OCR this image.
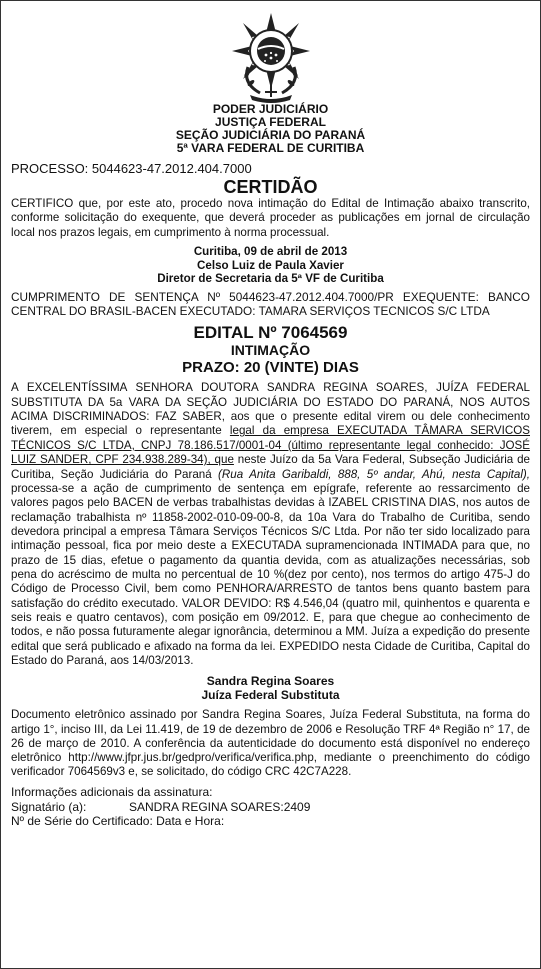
PODER JUDICIÁRIO
JUSTIÇA FEDERAL
SEÇÃO JUDICIÁRIA DO PARANÁ
5ª VARA FEDERAL DE CURITIBA
PROCESSO: 5044623-47.2012.404.7000
CERTIDÃO

CERTIFICO que, por este ato, procedo nova intimação do Edital de Intimação abaixo transcrito, conforme solicitação do exequente, que deverá proceder as publicações em jornal de circulação local nos prazos legais, em cumprimento à norma processual.

Curitiba, 09 de abril de 2013
Celso Luiz de Paula Xavier
Diretor de Secretaria da 5ª VF de Curitiba
CUMPRIMENTO DE SENTENÇA Nº 5044623-47.2012.404.7000/PR EXEQUENTE: BANCO CENTRAL DO BRASIL-BACEN EXECUTADO: TAMARA SERVIÇOS TECNICOS S/C LTDA
EDITAL Nº 7064569
INTIMAÇÃO
PRAZO: 20 (VINTE) DIAS
A EXCELENTÍSSIMA SENHORA DOUTORA SANDRA REGINA SOARES, JUÍZA FEDERAL SUBSTITUTA DA 5a VARA DA SEÇÃO JUDICIÁRIA DO ESTADO DO PARANÁ, NOS AUTOS ACIMA DISCRIMINADOS: FAZ SABER, aos que o presente edital virem ou dele conhecimento tiverem, em especial o representante legal da empresa EXECUTADA TÂMARA SERVICOS TÉCNICOS S/C LTDA, CNPJ 78.186.517/0001-04 (último representante legal conhecido: JOSÉ LUIZ SANDER, CPF 234.938.289-34), que neste Juízo da 5a Vara Federal, Subseção Judiciária de Curitiba, Seção Judiciária do Paraná (Rua Anita Garibaldi, 888, 5º andar, Ahú, nesta Capital), processa-se a ação de cumprimento de sentença em epígrafe, referente ao ressarcimento de valores pagos pelo BACEN de verbas trabalhistas devidas à IZABEL CRISTINA DIAS, nos autos de reclamação trabalhista nº 11858-2002-010-09-00-8, da 10a Vara do Trabalho de Curitiba, sendo devedora principal a empresa Tâmara Serviços Técnicos S/C Ltda. Por não ter sido localizado para intimação pessoal, fica por meio deste a EXECUTADA supramencionada INTIMADA para que, no prazo de 15 dias, efetue o pagamento da quantia devida, com as atualizações necessárias, sob pena do acréscimo de multa no percentual de 10 %(dez por cento), nos termos do artigo 475-J do Código de Processo Civil, bem como PENHORA/ARRESTO de tantos bens quanto bastem para satisfação do crédito executado. VALOR DEVIDO: R$ 4.546,04 (quatro mil, quinhentos e quarenta e seis reais e quatro centavos), com posição em 09/2012. E, para que chegue ao conhecimento de todos, e não possa futuramente alegar ignorância, determinou a MM. Juíza a expedição do presente edital que será publicado e afixado na forma da lei. EXPEDIDO nesta Cidade de Curitiba, Capital do Estado do Paraná, aos 14/03/2013.
Sandra Regina Soares
Juíza Federal Substituta
Documento eletrônico assinado por Sandra Regina Soares, Juíza Federal Substituta, na forma do artigo 1°, inciso III, da Lei 11.419, de 19 de dezembro de 2006 e Resolução TRF 4ª Região n° 17, de 26 de março de 2010. A conferência da autenticidade do documento está disponível no endereço eletrônico http://www.jfpr.jus.br/gedpro/verifica/verifica.php, mediante o preenchimento do código verificador 7064569v3 e, se solicitado, do código CRC 42C7A228.
Informações adicionais da assinatura:
Signatário (a):	SANDRA REGINA SOARES:2409
Nº de Série do Certificado: Data e Hora:
